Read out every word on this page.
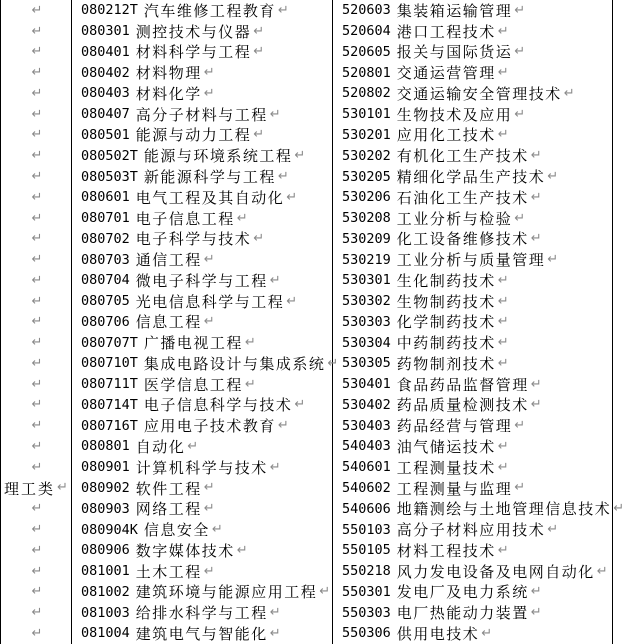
↵
↵
↵
↵
↵
↵
↵
↵
↵
↵
↵
↵
↵
↵
↵
↵
↵
↵
↵
↵
↵
↵
↵
理工类 ↵
↵
↵
↵
↵
↵
↵
↵
080212T 汽车维修工程教育 ↵
080301 测控技术与仪器 ↵
080401 材料科学与工程 ↵
080402 材料物理 ↵
080403 材料化学 ↵
080407 高分子材料与工程 ↵
080501 能源与动力工程 ↵
080502T 能源与环境系统工程 ↵
080503T 新能源科学与工程 ↵
080601 电气工程及其自动化 ↵
080701 电子信息工程 ↵
080702 电子科学与技术 ↵
080703 通信工程 ↵
080704 微电子科学与工程 ↵
080705 光电信息科学与工程 ↵
080706 信息工程 ↵
080707T 广播电视工程 ↵
080710T 集成电路设计与集成系统 ↵
080711T 医学信息工程 ↵
080714T 电子信息科学与技术 ↵
080716T 应用电子技术教育 ↵
080801 自动化 ↵
080901 计算机科学与技术 ↵
080902 软件工程 ↵
080903 网络工程 ↵
080904K 信息安全 ↵
080906 数字媒体技术 ↵
081001 土木工程 ↵
081002 建筑环境与能源应用工程 ↵
081003 给排水科学与工程 ↵
081004 建筑电气与智能化 ↵
520603 集装箱运输管理 ↵
520604 港口工程技术 ↵
520605 报关与国际货运 ↵
520801 交通运营管理 ↵
520802 交通运输安全管理技术 ↵
530101 生物技术及应用 ↵
530201 应用化工技术 ↵
530202 有机化工生产技术 ↵
530205 精细化学品生产技术 ↵
530206 石油化工生产技术 ↵
530208 工业分析与检验 ↵
530209 化工设备维修技术 ↵
530219 工业分析与质量管理 ↵
530301 生化制药技术 ↵
530302 生物制药技术 ↵
530303 化学制药技术 ↵
530304 中药制药技术 ↵
530305 药物制剂技术 ↵
530401 食品药品监督管理 ↵
530402 药品质量检测技术 ↵
530403 药品经营与管理 ↵
540403 油气储运技术 ↵
540601 工程测量技术 ↵
540602 工程测量与监理 ↵
540606 地籍测绘与土地管理信息技术 ↵
550103 高分子材料应用技术 ↵
550105 材料工程技术 ↵
550218 风力发电设备及电网自动化 ↵
550301 发电厂及电力系统 ↵
550303 电厂热能动力装置 ↵
550306 供用电技术 ↵
